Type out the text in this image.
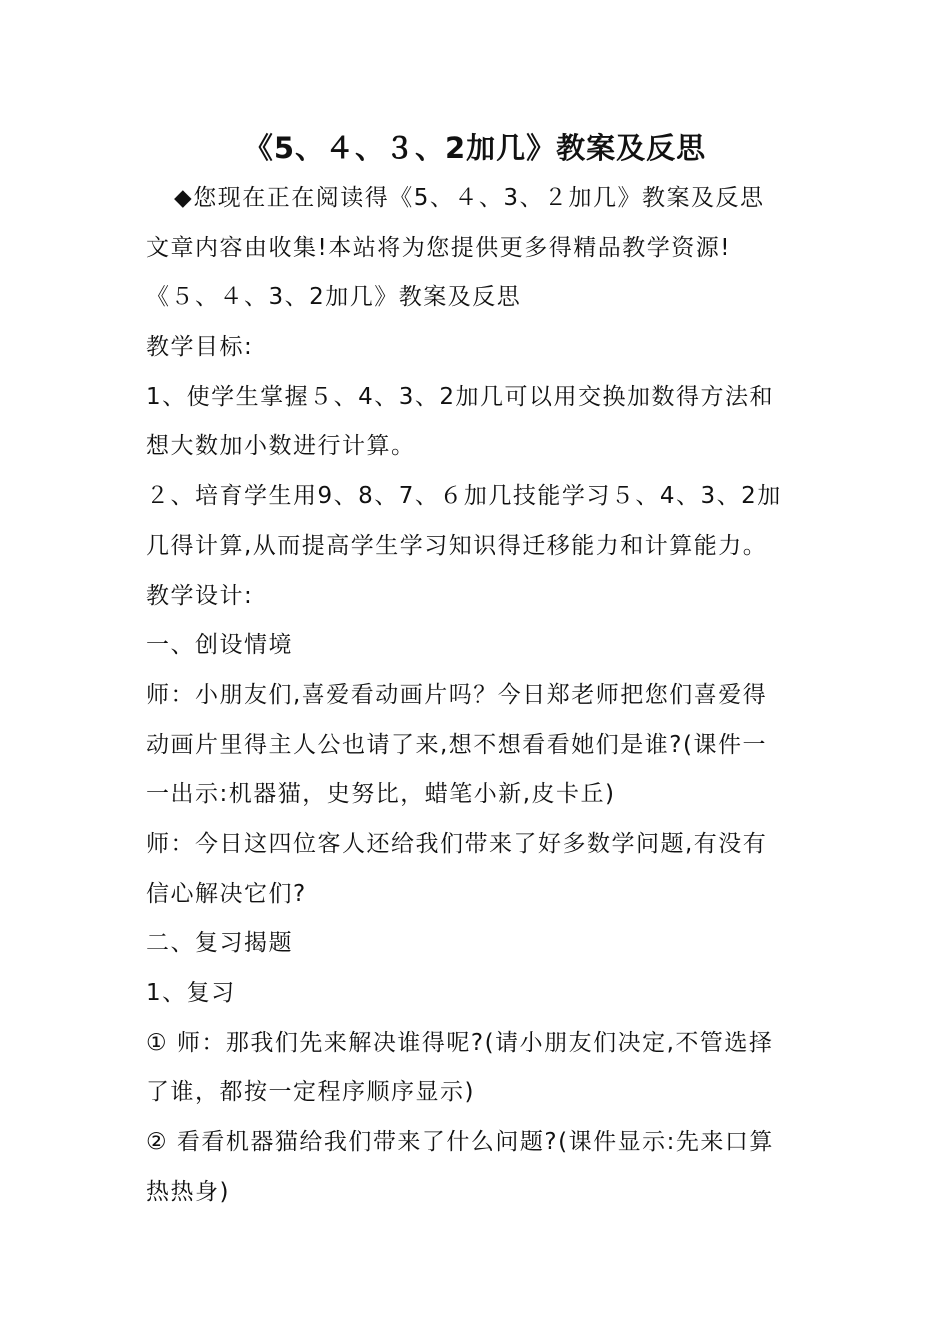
《5、４、３、2加几》教案及反思
◆您现在正在阅读得《5、４、3、２加几》教案及反思
文章内容由收集!本站将为您提供更多得精品教学资源!
《５、４、3、2加几》教案及反思
教学目标:
1、使学生掌握５、4、3、2加几可以用交换加数得方法和
想大数加小数进行计算。
２、培育学生用9、8、7、６加几技能学习５、4、3、2加
几得计算,从而提高学生学习知识得迁移能力和计算能力。
教学设计:
一、创设情境
师：小朋友们,喜爱看动画片吗？今日郑老师把您们喜爱得
动画片里得主人公也请了来,想不想看看她们是谁?(课件一
一出示:机器猫，史努比，蜡笔小新,皮卡丘)
师：今日这四位客人还给我们带来了好多数学问题,有没有
信心解决它们?
二、复习揭题
1、复习
① 师：那我们先来解决谁得呢?(请小朋友们决定,不管选择
了谁，都按一定程序顺序显示)
② 看看机器猫给我们带来了什么问题?(课件显示:先来口算
热热身)
